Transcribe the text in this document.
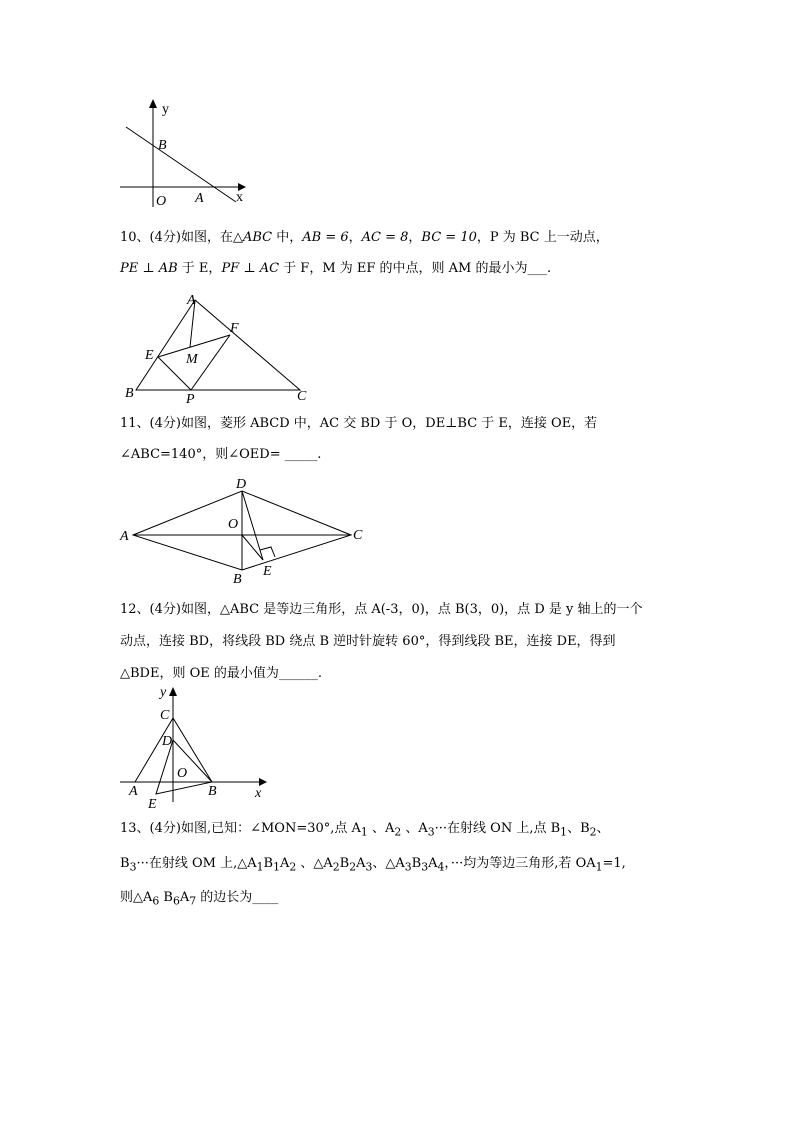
y
x
B
O A
10、(4分)如图，在△ABC 中，AB = 6，AC = 8，BC = 10，P 为 BC 上一动点，
PE ⊥ AB 于 E，PF ⊥ AC 于 F，M 为 EF 的中点，则 AM 的最小为___.
A
F
E M
B	P	C
11、(4分)如图，菱形 ABCD 中，AC 交 BD 于 O，DE⊥BC 于 E，连接 OE，若
∠ABC=140°，则∠OED= _____.
D
O
A	C
B
E
12、(4分)如图，△ABC 是等边三角形，点 A(-3，0)，点 B(3，0)，点 D 是 y 轴上的一个
动点，连接 BD，将线段 BD 绕点 B 逆时针旋转 60°，得到线段 BE，连接 DE，得到
△BDE，则 OE 的最小值为______.
y
C
D
O
A	B	x
E
13、(4分)如图,已知：∠MON=30°,点 $A_1$ 、$A_2$ 、$A_3\cdot\cdot\cdot$在射线 ON 上,点 $B_1$、$B_2$、
$B_3\cdot\cdot\cdot$在射线 OM 上$,\triangle A_1B_1A_2$ 、$\triangle A_2B_2A_3$、$\triangle A_3B_3A_4$，···均为等边三角形,若 $OA_1=1$,
则$\triangle A_6$ $B_6A_7$ 的边长为____
